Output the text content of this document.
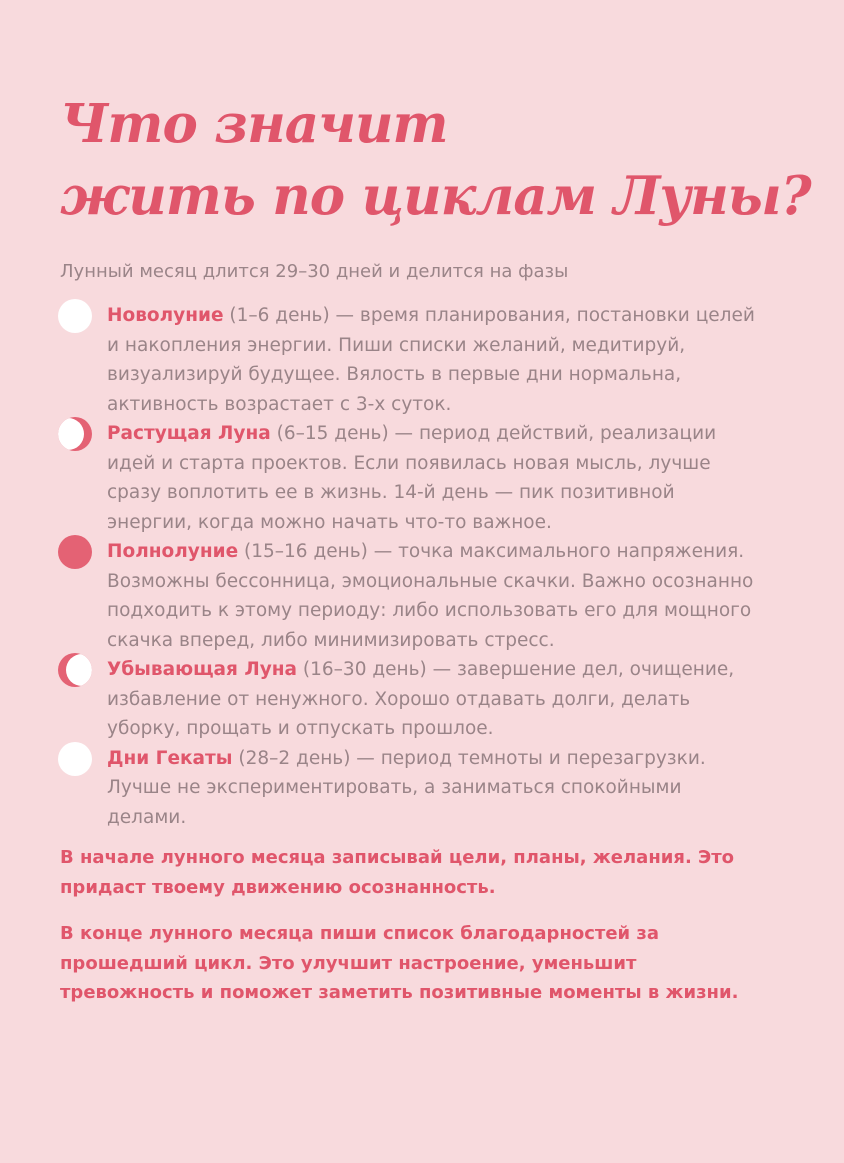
Что значит
жить по циклам Луны?
Лунный месяц длится 29–30 дней и делится на фазы
Новолуние (1–6 день) — время планирования, постановки целей и накопления энергии. Пиши списки желаний, медитируй, визуализируй будущее. Вялость в первые дни нормальна, активность возрастает с 3-х суток.
Растущая Луна (6–15 день) — период действий, реализации идей и старта проектов. Если появилась новая мысль, лучше сразу воплотить ее в жизнь. 14-й день — пик позитивной энергии, когда можно начать что-то важное.
Полнолуние (15–16 день) — точка максимального напряжения. Возможны бессонница, эмоциональные скачки. Важно осознанно подходить к этому периоду: либо использовать его для мощного скачка вперед, либо минимизировать стресс.
Убывающая Луна (16–30 день) — завершение дел, очищение, избавление от ненужного. Хорошо отдавать долги, делать уборку, прощать и отпускать прошлое.
Дни Гекаты (28–2 день) — период темноты и перезагрузки. Лучше не экспериментировать, а заниматься спокойными делами.

В начале лунного месяца записывай цели, планы, желания. Это придаст твоему движению осознанность.

В конце лунного месяца пиши список благодарностей за прошедший цикл. Это улучшит настроение, уменьшит тревожность и поможет заметить позитивные моменты в жизни.
